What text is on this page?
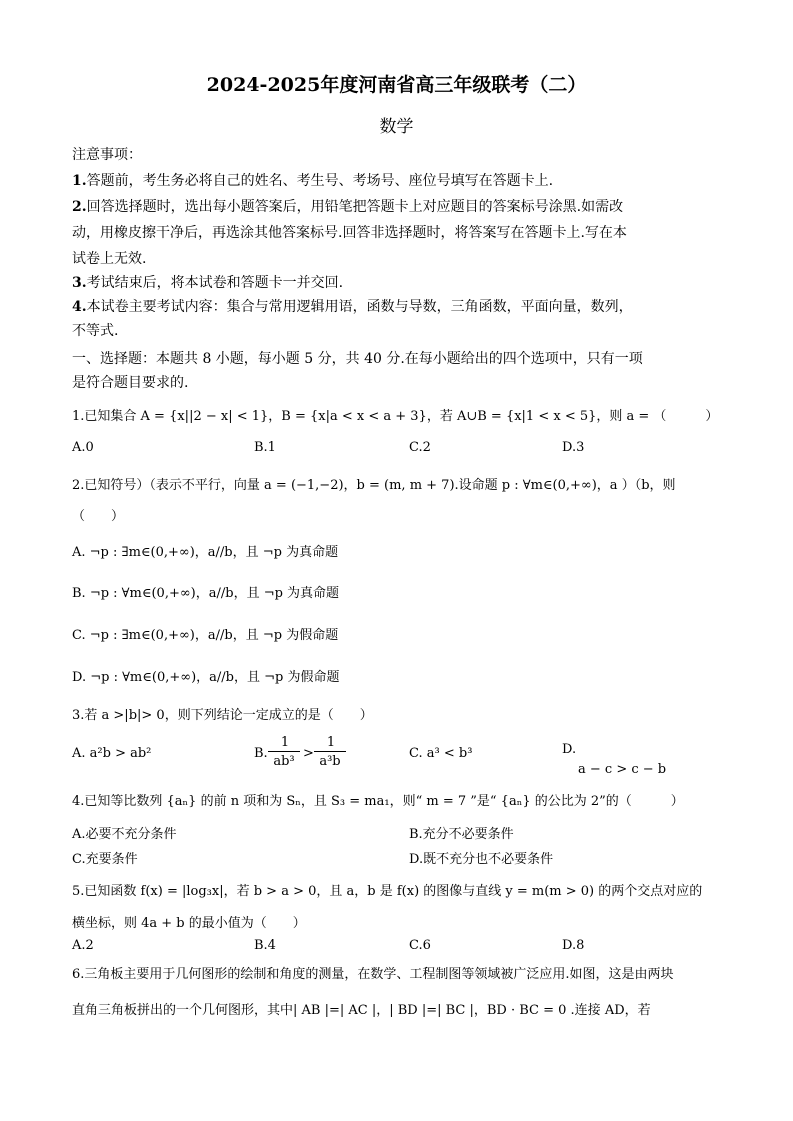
2024-2025年度河南省高三年级联考（二）
数学
注意事项：
1.答题前，考生务必将自己的姓名、考生号、考场号、座位号填写在答题卡上.
2.回答选择题时，选出每小题答案后，用铅笔把答题卡上对应题目的答案标号涂黑.如需改
动，用橡皮擦干净后，再选涂其他答案标号.回答非选择题时，将答案写在答题卡上.写在本
试卷上无效.
3.考试结束后，将本试卷和答题卡一并交回.
4.本试卷主要考试内容：集合与常用逻辑用语，函数与导数，三角函数，平面向量，数列，
不等式.
一、选择题：本题共 8 小题，每小题 5 分，共 40 分.在每小题给出的四个选项中，只有一项
是符合题目要求的.
1.已知集合 A = {x||2 − x| < 1}，B = {x|a < x < a + 3}，若 A∪B = {x|1 < x < 5}，则 a = （　　　）
A.0	B.1	C.2	D.3
2.已知符号）（表示不平行，向量 a = (−1,−2)，b = (m, m + 7).设命题 p : ∀m∈(0,+∞)，a ）（b，则
（　　）
A. ¬p : ∃m∈(0,+∞)，a//b，且 ¬p 为真命题
B. ¬p : ∀m∈(0,+∞)，a//b，且 ¬p 为真命题
C. ¬p : ∃m∈(0,+∞)，a//b，且 ¬p 为假命题
D. ¬p : ∀m∈(0,+∞)，a//b，且 ¬p 为假命题
3.若 a >|b|> 0，则下列结论一定成立的是（　　）
A. a²b > ab²	B.
1
ab³
>
1
a³b
C. a³ < b³	D.
a − c > c − b
4.已知等比数列 {aₙ} 的前 n 项和为 Sₙ，且 S₃ = ma₁，则“ m = 7 ”是“ {aₙ} 的公比为 2”的（　　　）
A.必要不充分条件	B.充分不必要条件
C.充要条件	D.既不充分也不必要条件
5.已知函数 f(x) = |log₃x|，若 b > a > 0，且 a，b 是 f(x) 的图像与直线 y = m(m > 0) 的两个交点对应的
横坐标，则 4a + b 的最小值为（　　）
A.2	B.4	C.6	D.8
6.三角板主要用于几何图形的绘制和角度的测量，在数学、工程制图等领域被广泛应用.如图，这是由两块
直角三角板拼出的一个几何图形，其中| AB |=| AC |，| BD |=| BC |，BD · BC = 0 .连接 AD，若
